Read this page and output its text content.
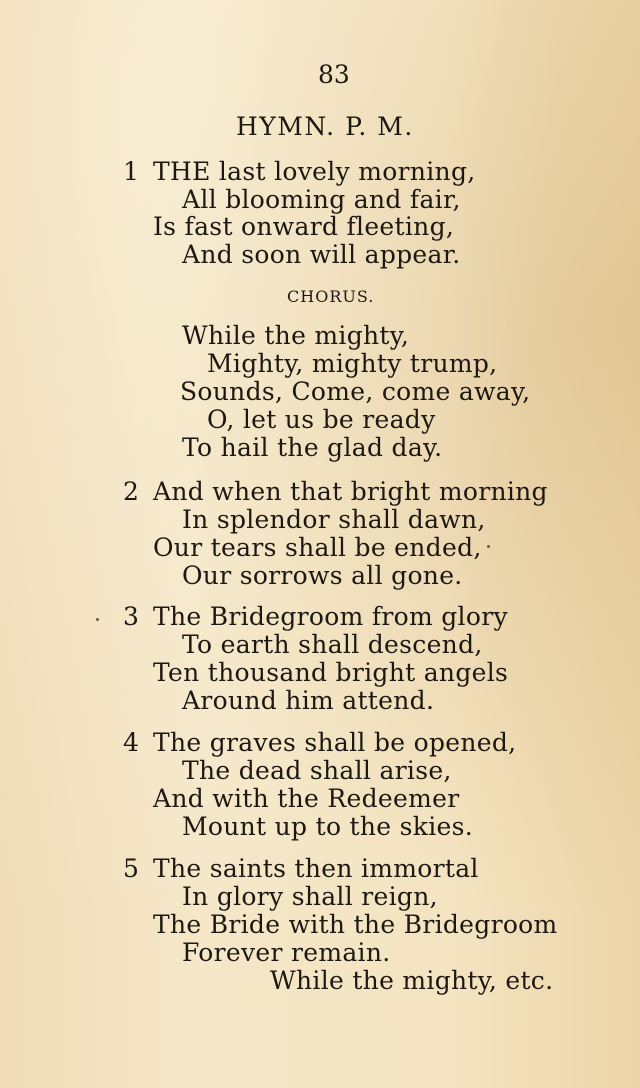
83
HYMN. P. M.
1 THE last lovely morning,
All blooming and fair,
Is fast onward fleeting,
And soon will appear.
CHORUS.
While the mighty,
Mighty, mighty trump,
Sounds, Come, come away,
O, let us be ready
To hail the glad day.
2 And when that bright morning
In splendor shall dawn,
Our tears shall be ended,
Our sorrows all gone.
3 The Bridegroom from glory
To earth shall descend,
Ten thousand bright angels
Around him attend.
4 The graves shall be opened,
The dead shall arise,
And with the Redeemer
Mount up to the skies.
5 The saints then immortal
In glory shall reign,
The Bride with the Bridegroom
Forever remain.
While the mighty, etc.
